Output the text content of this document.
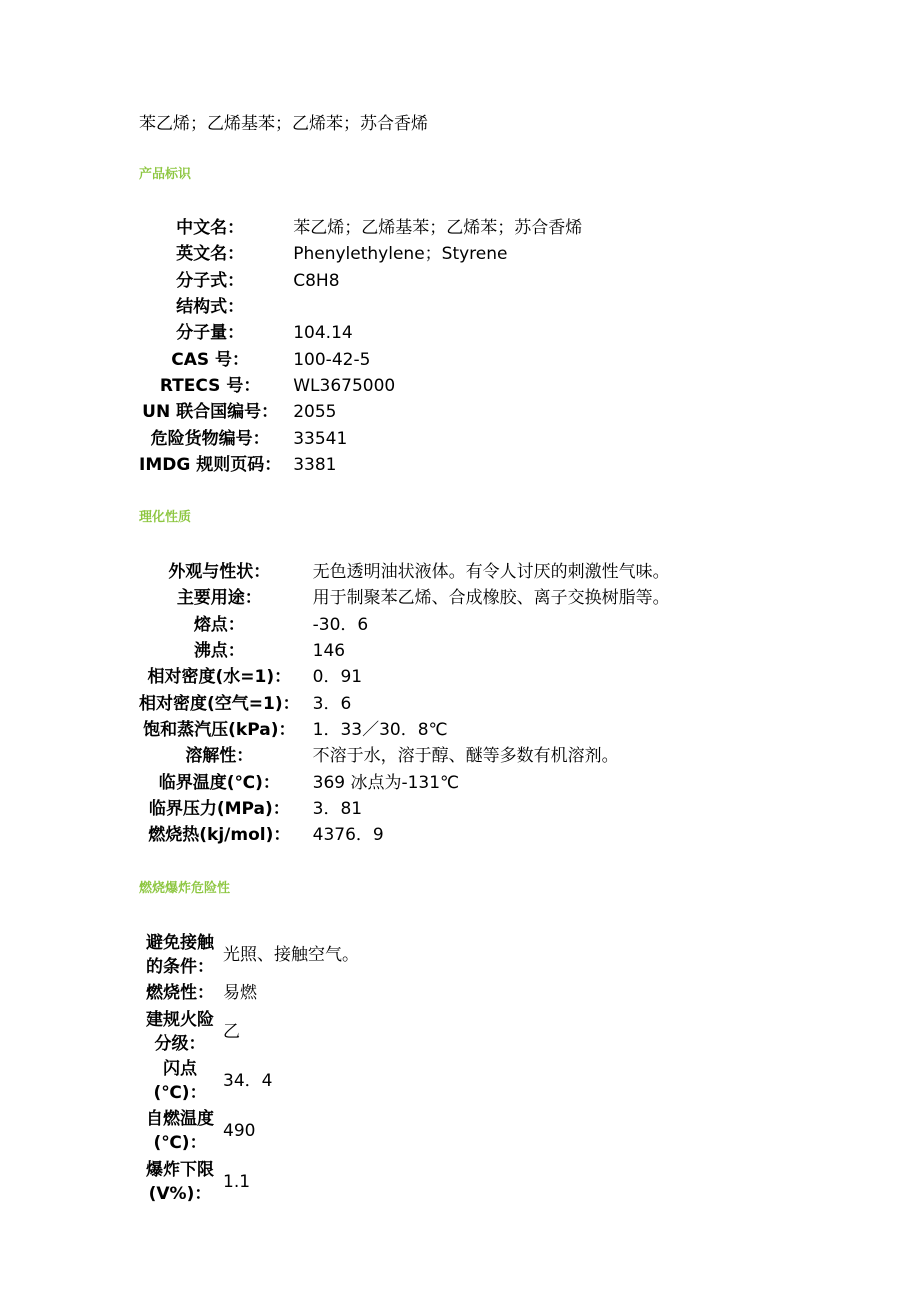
苯乙烯；乙烯基苯；乙烯苯；苏合香烯
产品标识
中文名：	苯乙烯；乙烯基苯；乙烯苯；苏合香烯
英文名：	Phenylethylene；Styrene
分子式：	C8H8
结构式：	
分子量：	104.14
CAS 号：	100-42-5
RTECS 号：	WL3675000
UN 联合国编号：	2055
危险货物编号：	33541
IMDG 规则页码：	3381
理化性质
外观与性状：	无色透明油状液体。有令人讨厌的刺激性气味。
主要用途：	用于制聚苯乙烯、合成橡胶、离子交换树脂等。
熔点：	-30．6
沸点：	146
相对密度(水=1)：	0．91
相对密度(空气=1)：	3．6
饱和蒸汽压(kPa)：	1．33／30．8℃
溶解性：	不溶于水，溶于醇、醚等多数有机溶剂。
临界温度(℃)：	369 冰点为-131℃
临界压力(MPa)：	3．81
燃烧热(kj/mol)：	4376．9
燃烧爆炸危险性
避免接触的条件：	光照、接触空气。
燃烧性：	易燃
建规火险分级：	乙
闪点(℃)：	34．4
自燃温度(℃)：	490
爆炸下限(V%)：	1.1
